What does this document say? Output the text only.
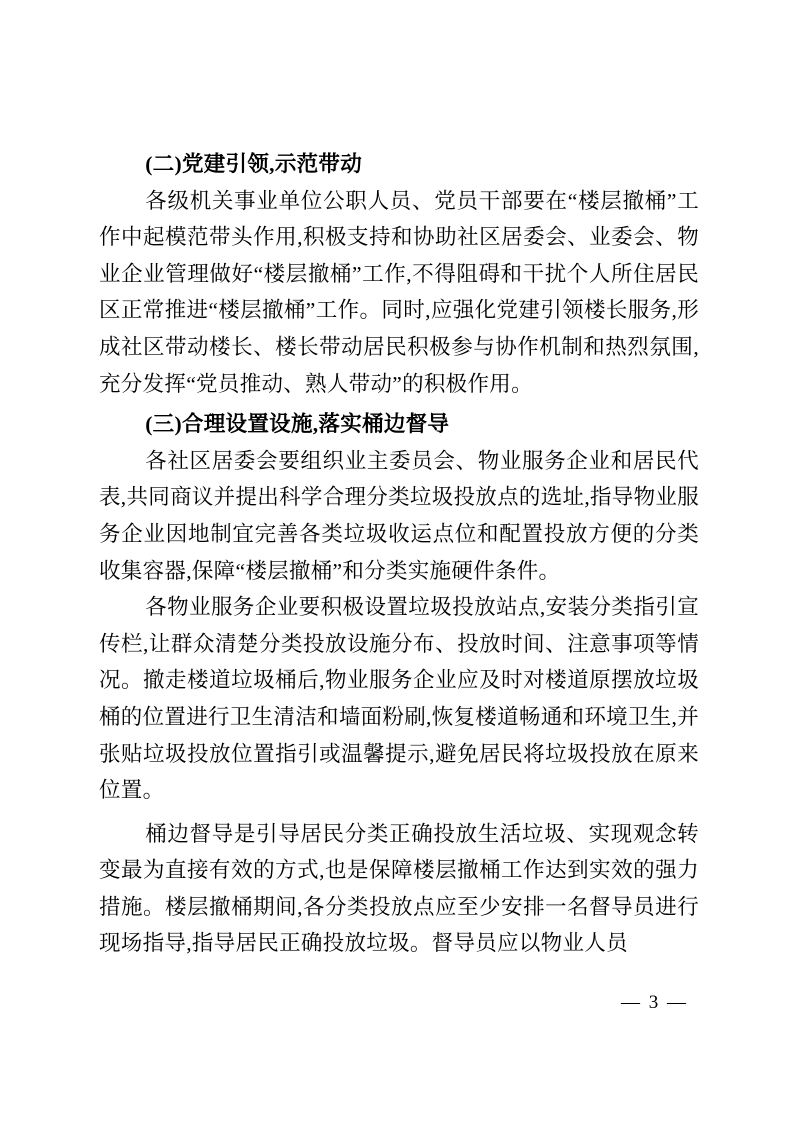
(二)党建引领,示范带动

各级机关事业单位公职人员、党员干部要在“楼层撤桶”工作中起模范带头作用,积极支持和协助社区居委会、业委会、物业企业管理做好“楼层撤桶”工作,不得阻碍和干扰个人所住居民区正常推进“楼层撤桶”工作。同时,应强化党建引领楼长服务,形成社区带动楼长、楼长带动居民积极参与协作机制和热烈氛围,充分发挥“党员推动、熟人带动”的积极作用。

(三)合理设置设施,落实桶边督导

各社区居委会要组织业主委员会、物业服务企业和居民代表,共同商议并提出科学合理分类垃圾投放点的选址,指导物业服务企业因地制宜完善各类垃圾收运点位和配置投放方便的分类收集容器,保障“楼层撤桶”和分类实施硬件条件。

各物业服务企业要积极设置垃圾投放站点,安装分类指引宣传栏,让群众清楚分类投放设施分布、投放时间、注意事项等情况。撤走楼道垃圾桶后,物业服务企业应及时对楼道原摆放垃圾桶的位置进行卫生清洁和墙面粉刷,恢复楼道畅通和环境卫生,并张贴垃圾投放位置指引或温馨提示,避免居民将垃圾投放在原来位置。

桶边督导是引导居民分类正确投放生活垃圾、实现观念转变最为直接有效的方式,也是保障楼层撤桶工作达到实效的强力措施。楼层撤桶期间,各分类投放点应至少安排一名督导员进行现场指导,指导居民正确投放垃圾。督导员应以物业人员

— 3 —
